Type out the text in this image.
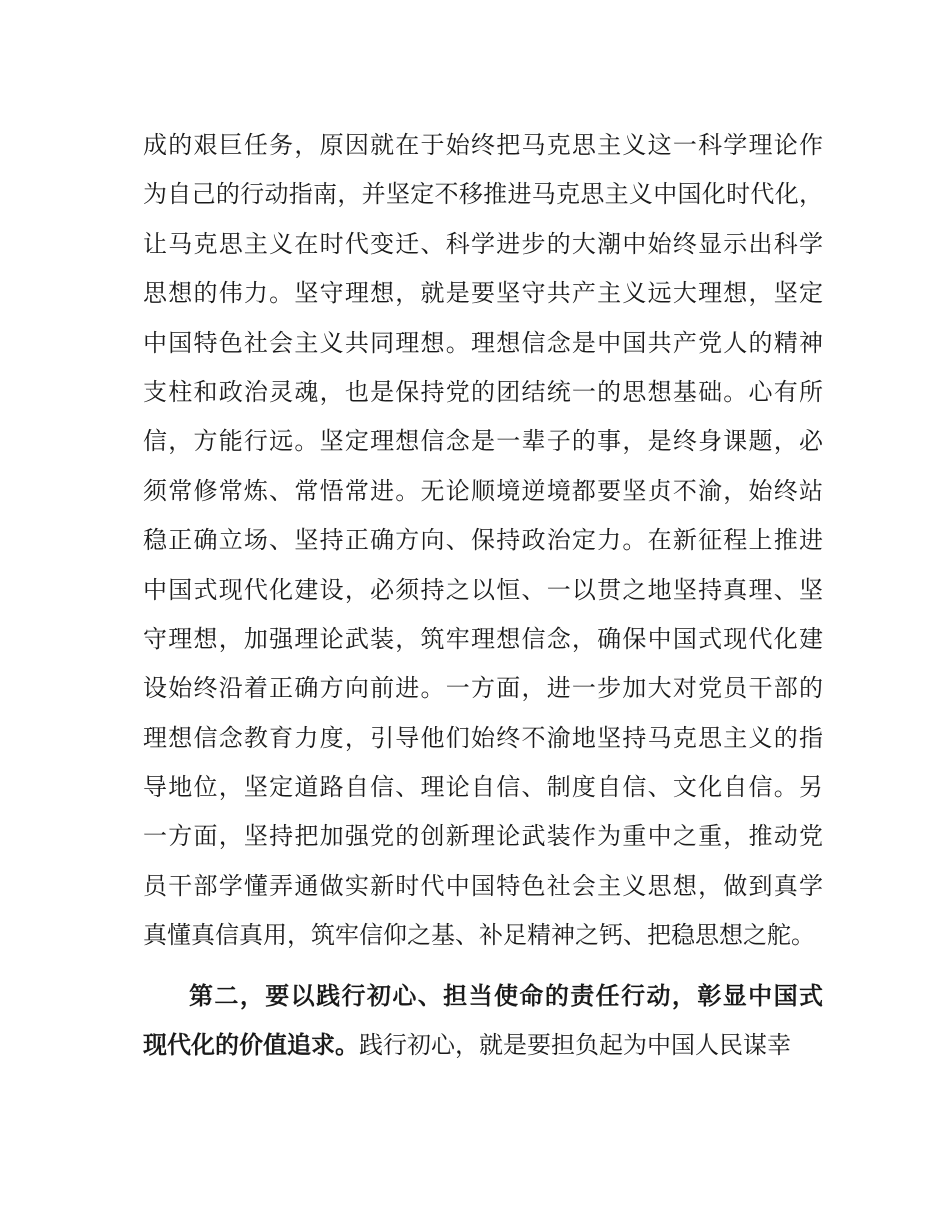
成的艰巨任务，原因就在于始终把马克思主义这一科学理论作
为自己的行动指南，并坚定不移推进马克思主义中国化时代化，
让马克思主义在时代变迁、科学进步的大潮中始终显示出科学
思想的伟力。坚守理想，就是要坚守共产主义远大理想，坚定
中国特色社会主义共同理想。理想信念是中国共产党人的精神
支柱和政治灵魂，也是保持党的团结统一的思想基础。心有所
信，方能行远。坚定理想信念是一辈子的事，是终身课题，必
须常修常炼、常悟常进。无论顺境逆境都要坚贞不渝，始终站
稳正确立场、坚持正确方向、保持政治定力。在新征程上推进
中国式现代化建设，必须持之以恒、一以贯之地坚持真理、坚
守理想，加强理论武装，筑牢理想信念，确保中国式现代化建
设始终沿着正确方向前进。一方面，进一步加大对党员干部的
理想信念教育力度，引导他们始终不渝地坚持马克思主义的指
导地位，坚定道路自信、理论自信、制度自信、文化自信。另
一方面，坚持把加强党的创新理论武装作为重中之重，推动党
员干部学懂弄通做实新时代中国特色社会主义思想，做到真学
真懂真信真用，筑牢信仰之基、补足精神之钙、把稳思想之舵。
第二，要以践行初心、担当使命的责任行动，彰显中国式
现代化的价值追求。践行初心，就是要担负起为中国人民谋幸
